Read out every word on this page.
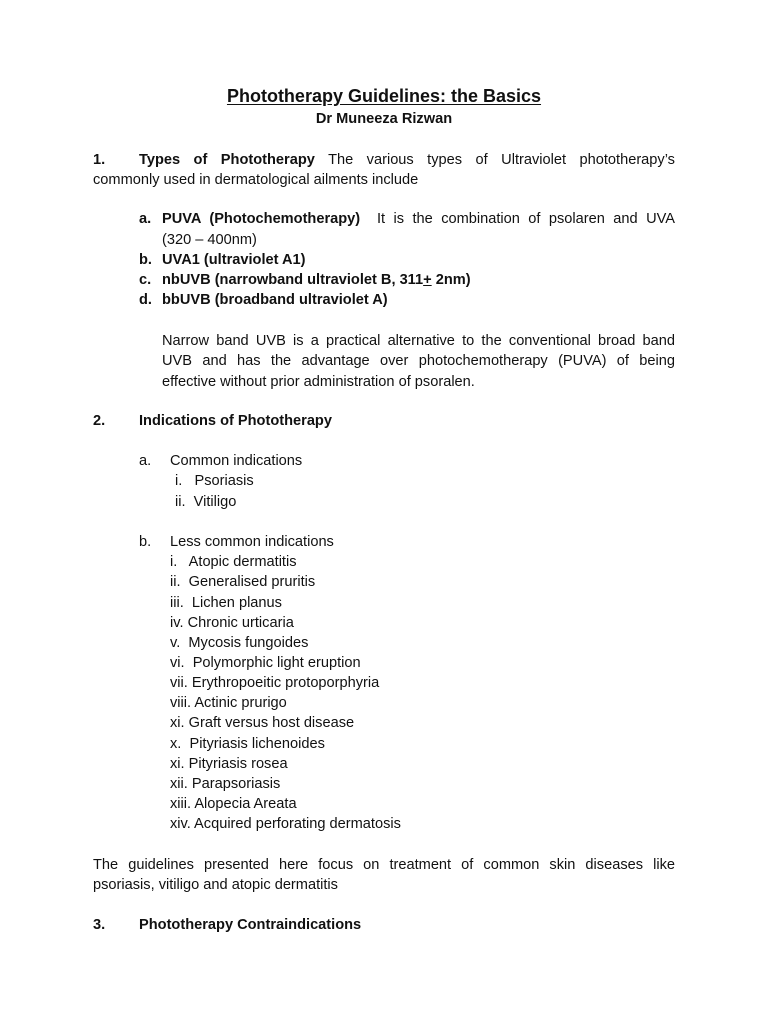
Phototherapy Guidelines: the Basics
Dr Muneeza Rizwan
1. Types of Phototherapy The various types of Ultraviolet phototherapy’s
commonly used in dermatological ailments include
a. PUVA (Photochemotherapy) It is the combination of psolaren and UVA
(320 – 400nm)
b. UVA1 (ultraviolet A1)
c. nbUVB (narrowband ultraviolet B, 311+ 2nm)
d. bbUVB (broadband ultraviolet A)
Narrow band UVB is a practical alternative to the conventional broad band
UVB and has the advantage over photochemotherapy (PUVA) of being
effective without prior administration of psoralen.
2. Indications of Phototherapy
a. Common indications
i.   Psoriasis
ii.  Vitiligo
b. Less common indications
i.   Atopic dermatitis
ii.  Generalised pruritis
iii.  Lichen planus
iv. Chronic urticaria
v.  Mycosis fungoides
vi.  Polymorphic light eruption
vii. Erythropoeitic protoporphyria
viii. Actinic prurigo
xi. Graft versus host disease
x.  Pityriasis lichenoides
xi. Pityriasis rosea
xii. Parapsoriasis
xiii. Alopecia Areata
xiv. Acquired perforating dermatosis
The guidelines presented here focus on treatment of common skin diseases like
psoriasis, vitiligo and atopic dermatitis
3. Phototherapy Contraindications
